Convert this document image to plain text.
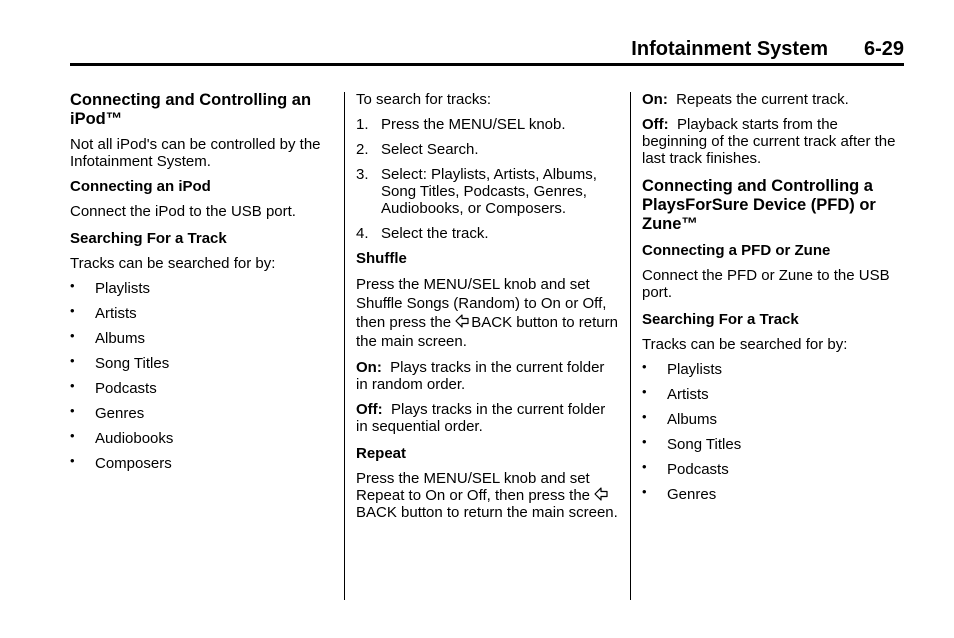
Infotainment System 6-29
Connecting and Controlling an iPod™

Not all iPod's can be controlled by the Infotainment System.

Connecting an iPod

Connect the iPod to the USB port.

Searching For a Track

Tracks can be searched for by:

• Playlists
• Artists
• Albums
• Song Titles
• Podcasts
• Genres
• Audiobooks
• Composers

To search for tracks:

1. Press the MENU/SEL knob.
2. Select Search.
3. Select: Playlists, Artists, Albums, Song Titles, Podcasts, Genres, Audiobooks, or Composers.
4. Select the track.
Shuffle

Press the MENU/SEL knob and set Shuffle Songs (Random) to On or Off, then press the BACK button to return the main screen.

On: Plays tracks in the current folder in random order.

Off: Plays tracks in the current folder in sequential order.

Repeat

Press the MENU/SEL knob and set Repeat to On or Off, then press the
BACK button to return the main screen.

On: Repeats the current track.

Off: Playback starts from the beginning of the current track after the last track finishes.

Connecting and Controlling a PlaysForSure Device (PFD) or Zune™
Connecting a PFD or Zune

Connect the PFD or Zune to the USB port.

Searching For a Track

Tracks can be searched for by:

• Playlists
• Artists
• Albums
• Song Titles
• Podcasts
• Genres
